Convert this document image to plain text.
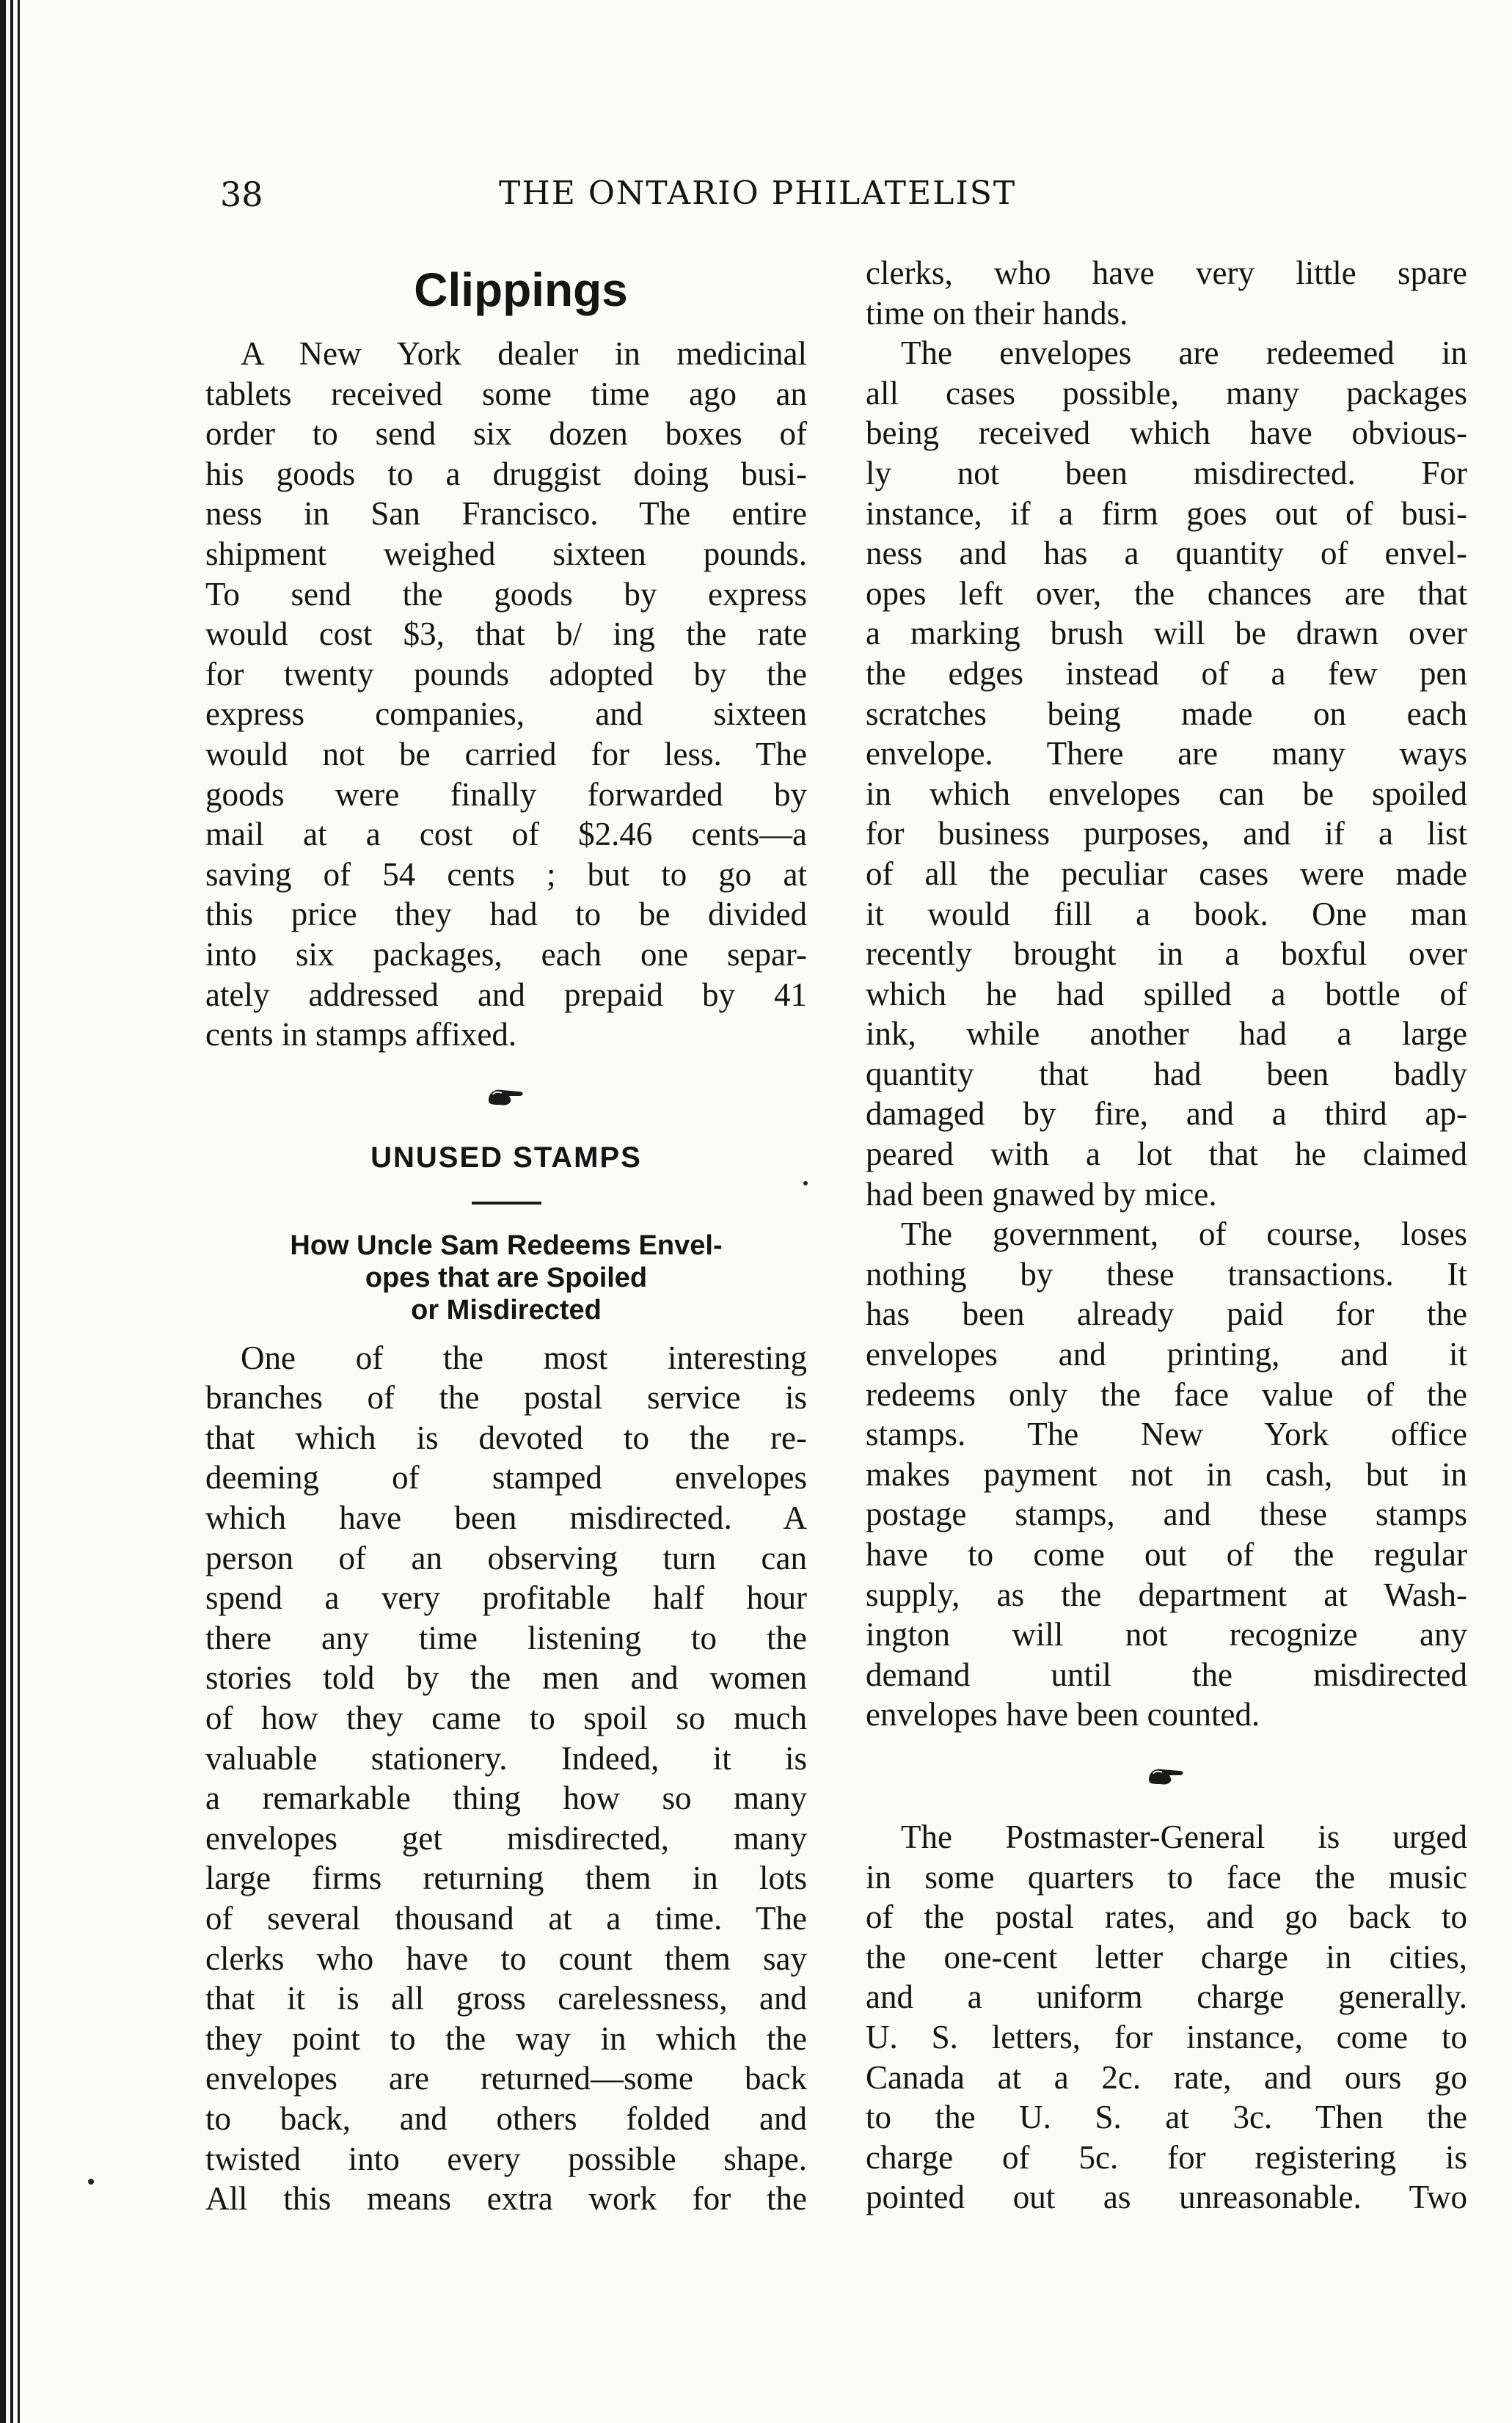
38	THE ONTARIO PHILATELIST
Clippings
A New York dealer in medicinal
tablets received some time ago an
order to send six dozen boxes of
his goods to a druggist doing busi-
ness in San Francisco. The entire
shipment weighed sixteen pounds.
To send the goods by express
would cost $3, that b/ ing the rate
for twenty pounds adopted by the
express companies, and sixteen
would not be carried for less. The
goods were finally forwarded by
mail at a cost of $2.46 cents—a
saving of 54 cents ; but to go at
this price they had to be divided
into six packages, each one separ-
ately addressed and prepaid by 41
cents in stamps affixed.
UNUSED STAMPS
How Uncle Sam Redeems Envel-
opes that are Spoiled
or Misdirected
One of the most interesting
branches of the postal service is
that which is devoted to the re-
deeming of stamped envelopes
which have been misdirected. A
person of an observing turn can
spend a very profitable half hour
there any time listening to the
stories told by the men and women
of how they came to spoil so much
valuable stationery. Indeed, it is
a remarkable thing how so many
envelopes get misdirected, many
large firms returning them in lots
of several thousand at a time. The
clerks who have to count them say
that it is all gross carelessness, and
they point to the way in which the
envelopes are returned—some back
to back, and others folded and
twisted into every possible shape.
All this means extra work for the
clerks, who have very little spare
time on their hands.
The envelopes are redeemed in
all cases possible, many packages
being received which have obvious-
ly not been misdirected. For
instance, if a firm goes out of busi-
ness and has a quantity of envel-
opes left over, the chances are that
a marking brush will be drawn over
the edges instead of a few pen
scratches being made on each
envelope. There are many ways
in which envelopes can be spoiled
for business purposes, and if a list
of all the peculiar cases were made
it would fill a book. One man
recently brought in a boxful over
which he had spilled a bottle of
ink, while another had a large
quantity that had been badly
damaged by fire, and a third ap-
peared with a lot that he claimed
had been gnawed by mice.
The government, of course, loses
nothing by these transactions. It
has been already paid for the
envelopes and printing, and it
redeems only the face value of the
stamps. The New York office
makes payment not in cash, but in
postage stamps, and these stamps
have to come out of the regular
supply, as the department at Wash-
ington will not recognize any
demand until the misdirected
envelopes have been counted.
The Postmaster-General is urged
in some quarters to face the music
of the postal rates, and go back to
the one-cent letter charge in cities,
and a uniform charge generally.
U. S. letters, for instance, come to
Canada at a 2c. rate, and ours go
to the U. S. at 3c. Then the
charge of 5c. for registering is
pointed out as unreasonable. Two
